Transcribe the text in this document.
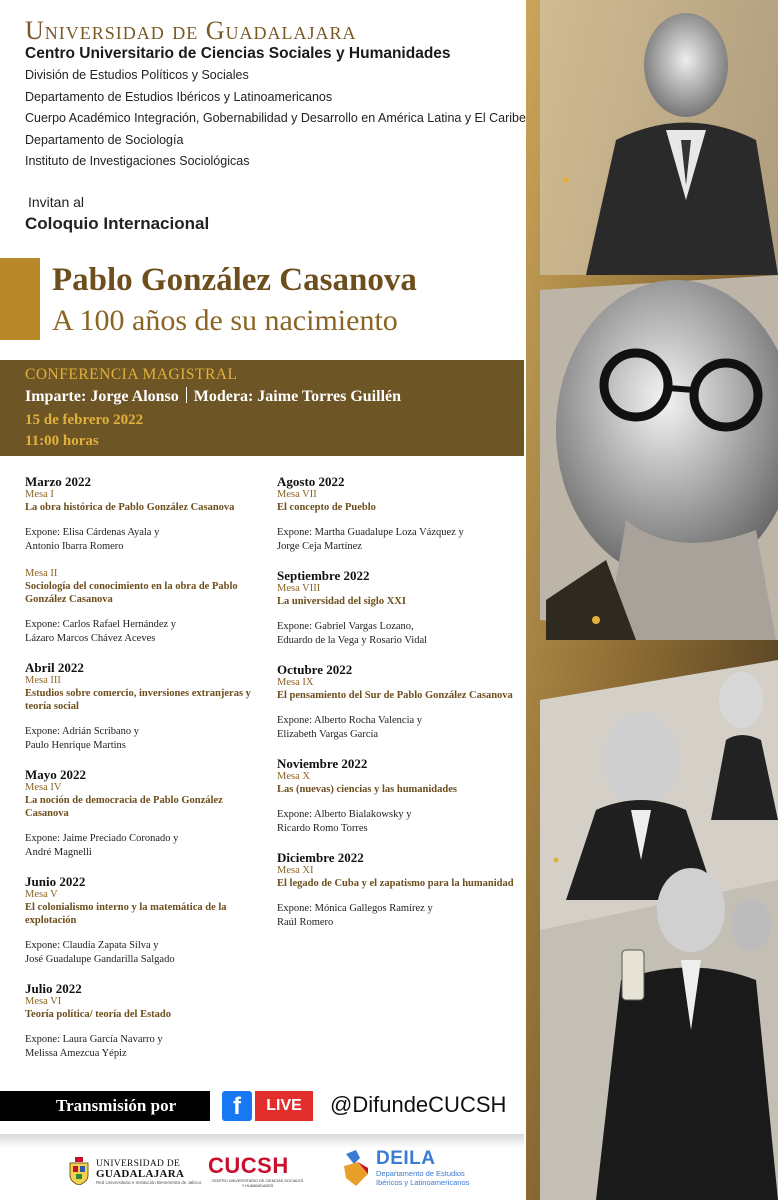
Universidad de Guadalajara
Centro Universitario de Ciencias Sociales y Humanidades
División de Estudios Políticos y Sociales
Departamento de Estudios Ibéricos y Latinoamericanos
Cuerpo Académico Integración, Gobernabilidad y Desarrollo en América Latina y El Caribe
Departamento de Sociología
Instituto de Investigaciones Sociológicas
Invitan al
Coloquio Internacional
Pablo González Casanova
A 100 años de su nacimiento
CONFERENCIA MAGISTRAL
Imparte: Jorge Alonso Modera: Jaime Torres Guillén
15 de febrero 2022
11:00 horas
Marzo 2022
Mesa I
La obra histórica de Pablo González Casanova
Expone: Elisa Cárdenas Ayala y
Antonio Ibarra Romero
Mesa II
Sociología del conocimiento en la obra de Pablo González Casanova
Expone: Carlos Rafael Hernández y
Lázaro Marcos Chávez Aceves
Abril 2022
Mesa III
Estudios sobre comercio, inversiones extranjeras y teoría social
Expone: Adrián Scribano y
Paulo Henrique Martins
Mayo 2022
Mesa IV
La noción de democracia de Pablo González Casanova
Expone: Jaime Preciado Coronado y
André Magnelli
Junio 2022
Mesa V
El colonialismo interno y la matemática de la explotación
Expone: Claudia Zapata Silva y
José Guadalupe Gandarilla Salgado
Julio 2022
Mesa VI
Teoría política/ teoría del Estado
Expone: Laura García Navarro y
Melissa Amezcua Yépiz
Agosto 2022
Mesa VII
El concepto de Pueblo
Expone: Martha Guadalupe Loza Vázquez y
Jorge Ceja Martínez
Septiembre 2022
Mesa VIII
La universidad del siglo XXI
Expone: Gabriel Vargas Lozano,
Eduardo de la Vega y Rosario Vidal
Octubre 2022
Mesa IX
El pensamiento del Sur de Pablo González Casanova
Expone: Alberto Rocha Valencia y
Elizabeth Vargas García
Noviembre 2022
Mesa X
Las (nuevas) ciencias y las humanidades
Expone: Alberto Bialakowsky y
Ricardo Romo Torres
Diciembre 2022
Mesa XI
El legado de Cuba y el zapatismo para la humanidad
Expone: Mónica Gallegos Ramírez y
Raúl Romero
Transmisión por	f	LIVE	@DifundeCUCSH
UNIVERSIDAD DE
GUADALAJARA
Red Universitaria e Institución Benemérita de Jalisco
CUCSH
CENTRO UNIVERSITARIO DE CIENCIAS SOCIALES Y HUMANIDADES
DEILA
Departamento de Estudios
Ibéricos y Latinoamericanos
